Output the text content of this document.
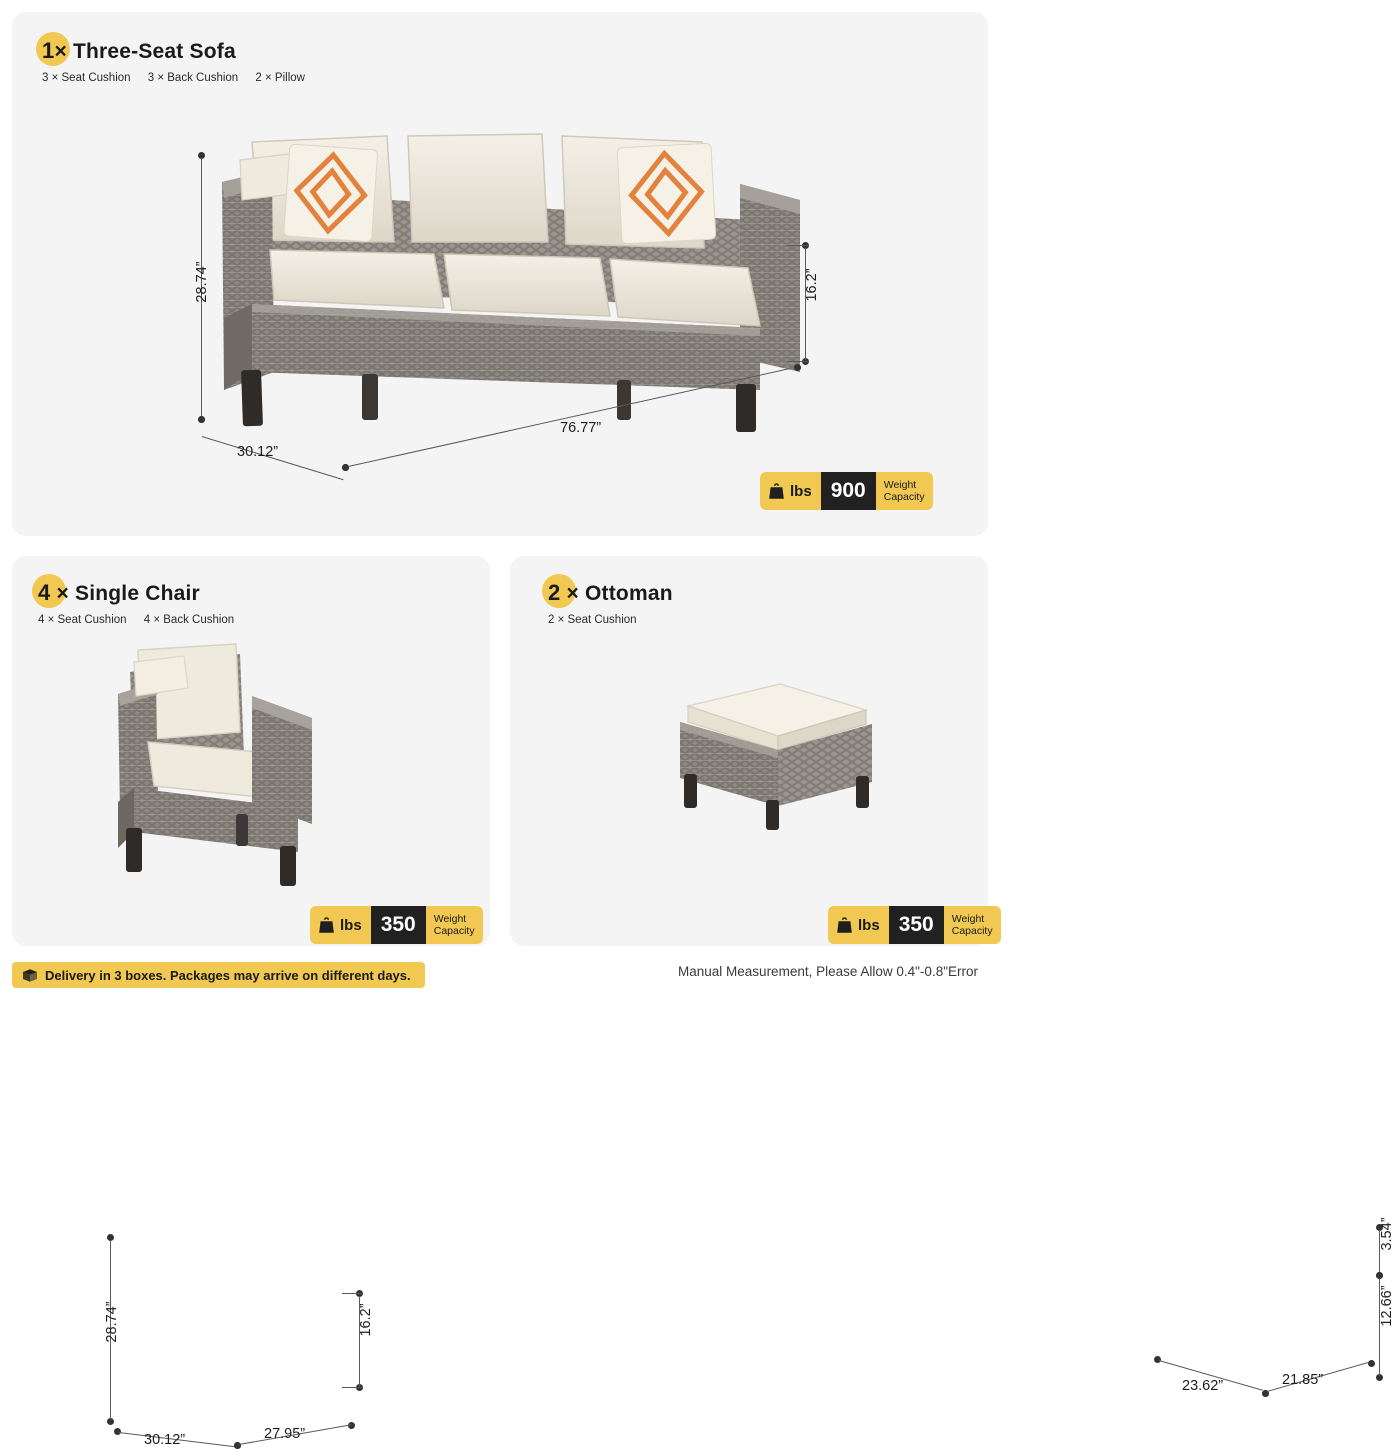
1× Three-Seat Sofa
3 × Seat Cushion 3 × Back Cushion 2 × Pillow
28.74”	16.2”
30.12”
76.77”
lbs 900	Weight
Capacity
4 × Single Chair
4 × Seat Cushion 4 × Back Cushion
28.74”	16.2”
30.12”	27.95”
lbs 350	Weight
Capacity
2 × Ottoman
2 × Seat Cushion
3.54”
12.66”
23.62”	21.85”
lbs 350	Weight
Capacity
Delivery in 3 boxes. Packages may arrive on different days.	Manual Measurement, Please Allow 0.4"-0.8"Error
